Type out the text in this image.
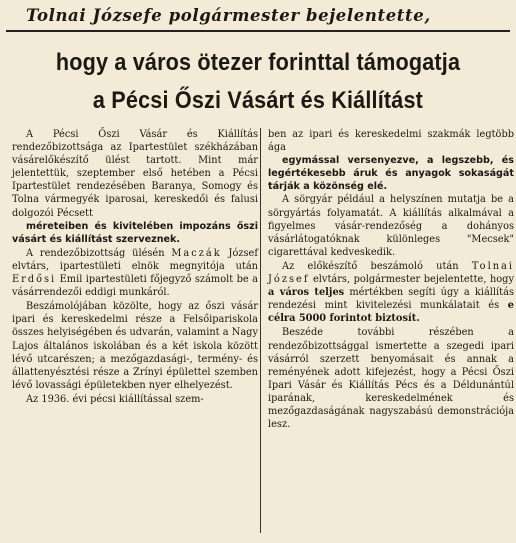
Tolnai Józsefe polgármester bejelentette,
hogy a város ötezer forinttal támogatja
a Pécsi Őszi Vásárt és Kiállítást

A Pécsi Őszi Vásár és Kiállítás rendezőbizottsága az Ipartestület székházában vásárelőkészítő ülést tartott. Mint már jelentettük, szeptember első hetében a Pécsi Ipartestület rendezésében Baranya, Somogy és Tolna vármegyék iparosai, kereskedői és falusi dolgozói Pécsett

méreteiben és kivitelében impozáns őszi vásárt és kiállítást szerveznek.

A rendezőbizottság ülésén Maczák József elvtárs, ipartestületi elnök megnyitója után Erdősi Emil ipartestületi főjegyző számolt be a vásárrendezői eddigi munkáról.

Beszámolójában közölte, hogy az őszi vásár ipari és kereskedelmi része a Felsőipariskola összes helyiségében és udvarán, valamint a Nagy Lajos általános iskolában és a két iskola között lévő utcarészen; a mezőgazdasági-, termény- és állattenyésztési része a Zrínyi épülettel szemben lévő lovassági épületekben nyer elhelyezést.

Az 1936. évi pécsi kiállítással szem-

ben az ipari és kereskedelmi szakmák legtöbb ága

egymással versenyezve, a legszebb, és legértékesebb áruk és anyagok sokaságát tárják a közönség elé.

A sörgyár például a helyszínen mutatja be a sörgyártás folyamatát. A kiállítás alkalmával a figyelmes vásár-rendezőség a dohányos vásárlátogatóknak különleges "Mecsek" cigarettával kedveskedik.

Az előkészítő beszámoló után Tolnai József elvtárs, polgármester bejelentette, hogy a város teljes mértékben segíti úgy a kiállítás rendezési mint kivitelezési munkálatait és e célra 5000 forintot biztosít.

Beszéde további részében a rendezőbizottsággal ismertette a szegedi ipari vásárról szerzett benyomásait és annak a reményének adott kifejezést, hogy a Pécsi Őszi Ipari Vásár és Kiállítás Pécs és a Déldunántúl iparának, kereskedelmének és mezőgazdaságának nagyszabású demonstrációja lesz.
